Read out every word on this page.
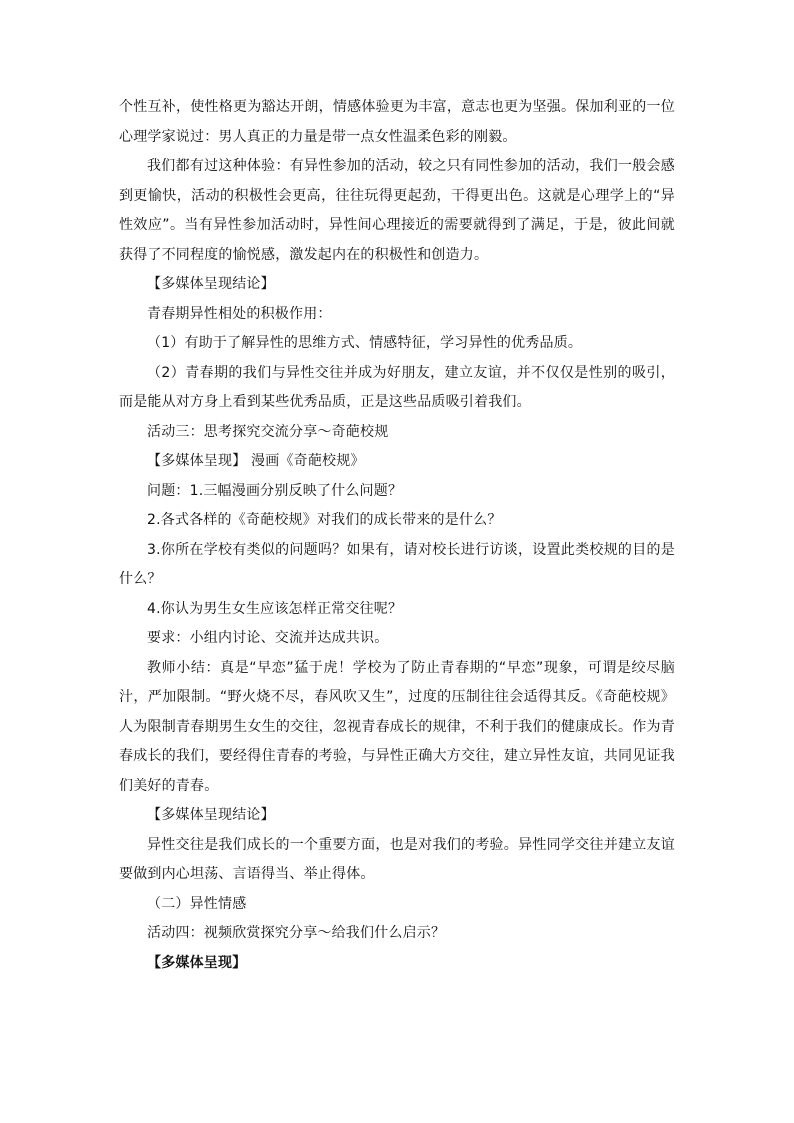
个性互补，使性格更为豁达开朗，情感体验更为丰富，意志也更为坚强。保加利亚的一位心理学家说过：男人真正的力量是带一点女性温柔色彩的刚毅。

我们都有过这种体验：有异性参加的活动，较之只有同性参加的活动，我们一般会感到更愉快，活动的积极性会更高，往往玩得更起劲，干得更出色。这就是心理学上的“异性效应”。当有异性参加活动时，异性间心理接近的需要就得到了满足，于是，彼此间就获得了不同程度的愉悦感，激发起内在的积极性和创造力。

【多媒体呈现结论】

青春期异性相处的积极作用：

（1）有助于了解异性的思维方式、情感特征，学习异性的优秀品质。

（2）青春期的我们与异性交往并成为好朋友，建立友谊，并不仅仅是性别的吸引，而是能从对方身上看到某些优秀品质，正是这些品质吸引着我们。

活动三：思考探究交流分享～奇葩校规

【多媒体呈现】 漫画《奇葩校规》

问题：1.三幅漫画分别反映了什么问题？

2.各式各样的《奇葩校规》对我们的成长带来的是什么？

3.你所在学校有类似的问题吗？如果有，请对校长进行访谈，设置此类校规的目的是什么？

4.你认为男生女生应该怎样正常交往呢？

要求：小组内讨论、交流并达成共识。

教师小结：真是“早恋”猛于虎！学校为了防止青春期的“早恋”现象，可谓是绞尽脑汁，严加限制。“野火烧不尽，春风吹又生”，过度的压制往往会适得其反。《奇葩校规》人为限制青春期男生女生的交往，忽视青春成长的规律，不利于我们的健康成长。作为青春成长的我们，要经得住青春的考验，与异性正确大方交往，建立异性友谊，共同见证我们美好的青春。

【多媒体呈现结论】

异性交往是我们成长的一个重要方面，也是对我们的考验。异性同学交往并建立友谊要做到内心坦荡、言语得当、举止得体。

（二）异性情感

活动四：视频欣赏探究分享～给我们什么启示？

【多媒体呈现】
